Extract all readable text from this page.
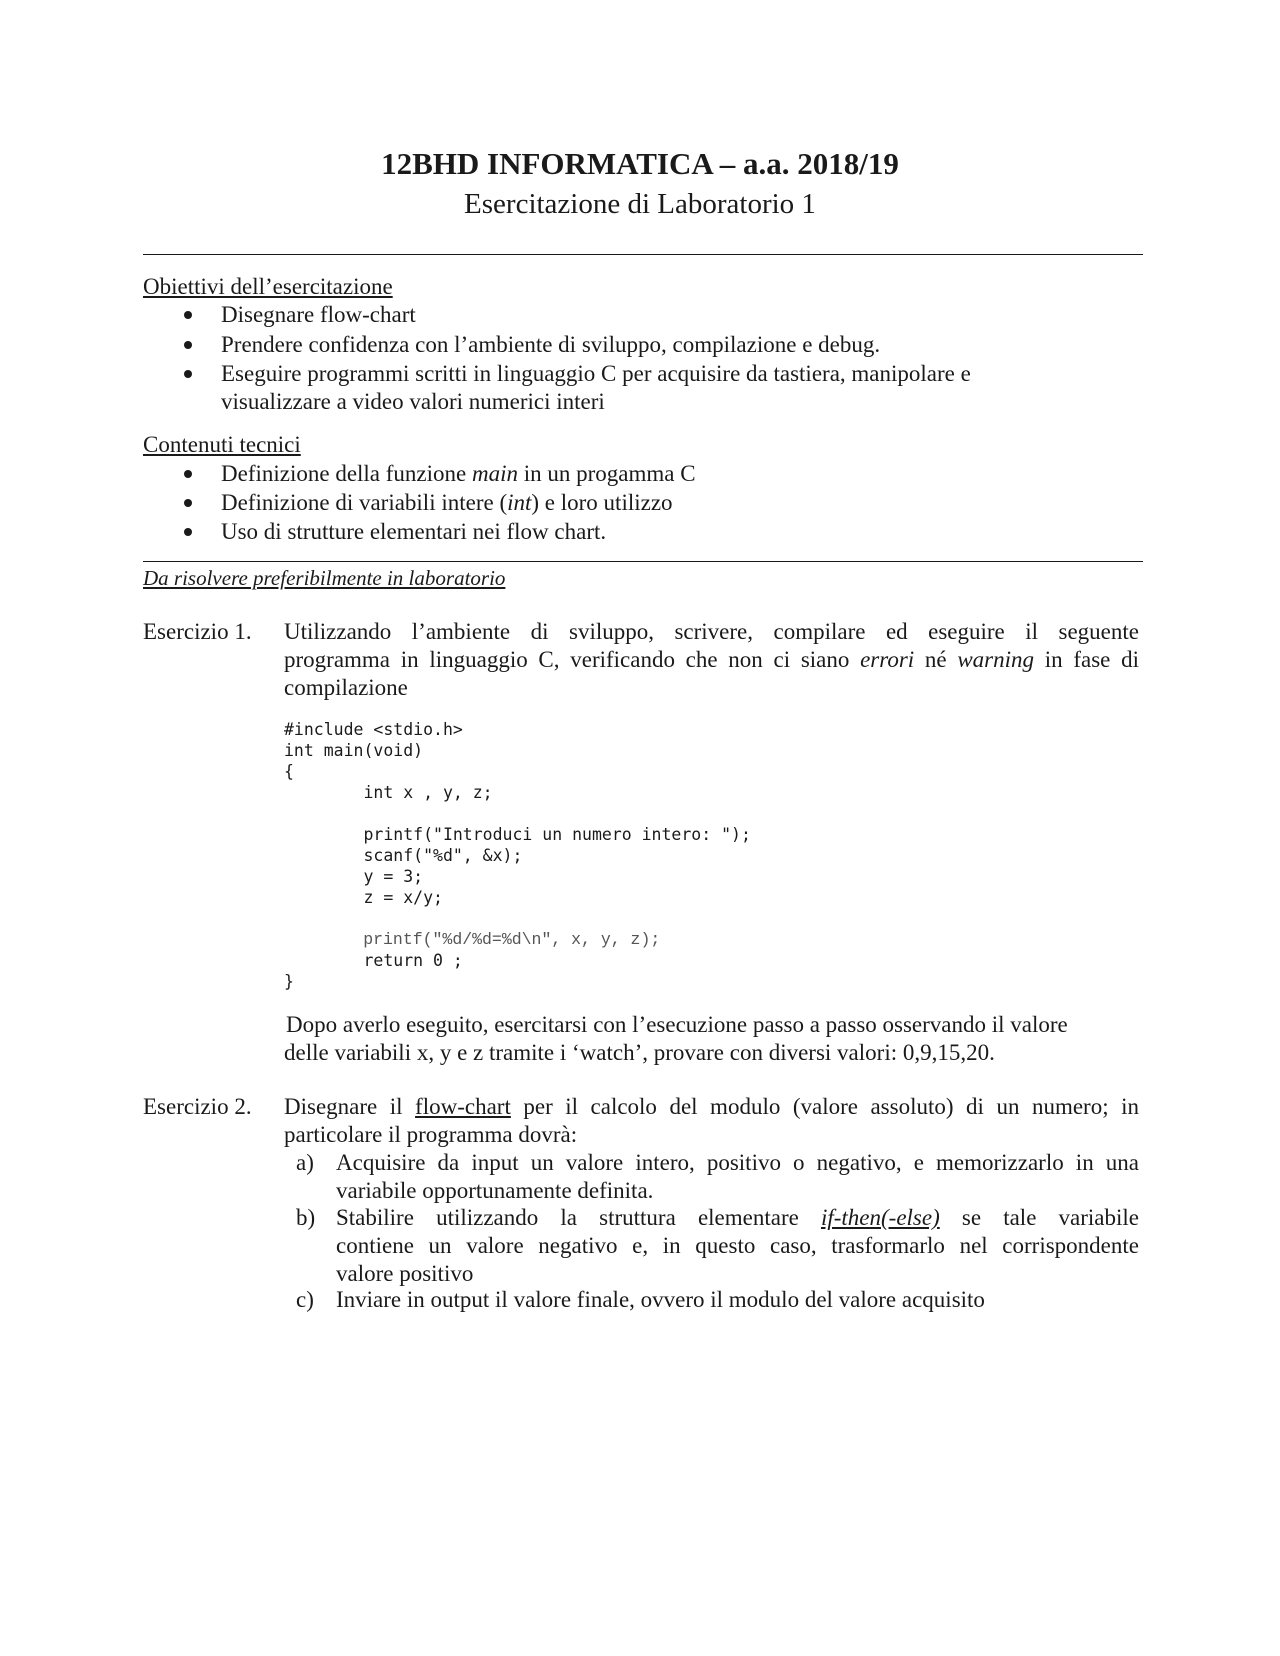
12BHD INFORMATICA – a.a. 2018/19
Esercitazione di Laboratorio 1
Obiettivi dell’esercitazione
Disegnare flow-chart
Prendere confidenza con l’ambiente di sviluppo, compilazione e debug.
Eseguire programmi scritti in linguaggio C per acquisire da tastiera, manipolare e
visualizzare a video valori numerici interi
Contenuti tecnici
Definizione della funzione main in un progamma C
Definizione di variabili intere (int) e loro utilizzo
Uso di strutture elementari nei flow chart.
Da risolvere preferibilmente in laboratorio
Esercizio 1. Utilizzando l’ambiente di sviluppo, scrivere, compilare ed eseguire il seguente
programma in linguaggio C, verificando che non ci siano errori né warning in fase di
compilazione
#include <stdio.h>
int main(void)
{
int x , y, z;
printf("Introduci un numero intero: ");
scanf("%d", &x);
y = 3;
z = x/y;
printf("%d/%d=%d\n", x, y, z);
return 0 ;
}
Dopo averlo eseguito, esercitarsi con l’esecuzione passo a passo osservando il valore
delle variabili x, y e z tramite i ‘watch’, provare con diversi valori: 0,9,15,20.
Esercizio 2. Disegnare il flow-chart per il calcolo del modulo (valore assoluto) di un numero; in
particolare il programma dovrà:
a) Acquisire da input un valore intero, positivo o negativo, e memorizzarlo in una
variabile opportunamente definita.
b) Stabilire utilizzando la struttura elementare if-then(-else) se tale variabile
contiene un valore negativo e, in questo caso, trasformarlo nel corrispondente
valore positivo
c) Inviare in output il valore finale, ovvero il modulo del valore acquisito
